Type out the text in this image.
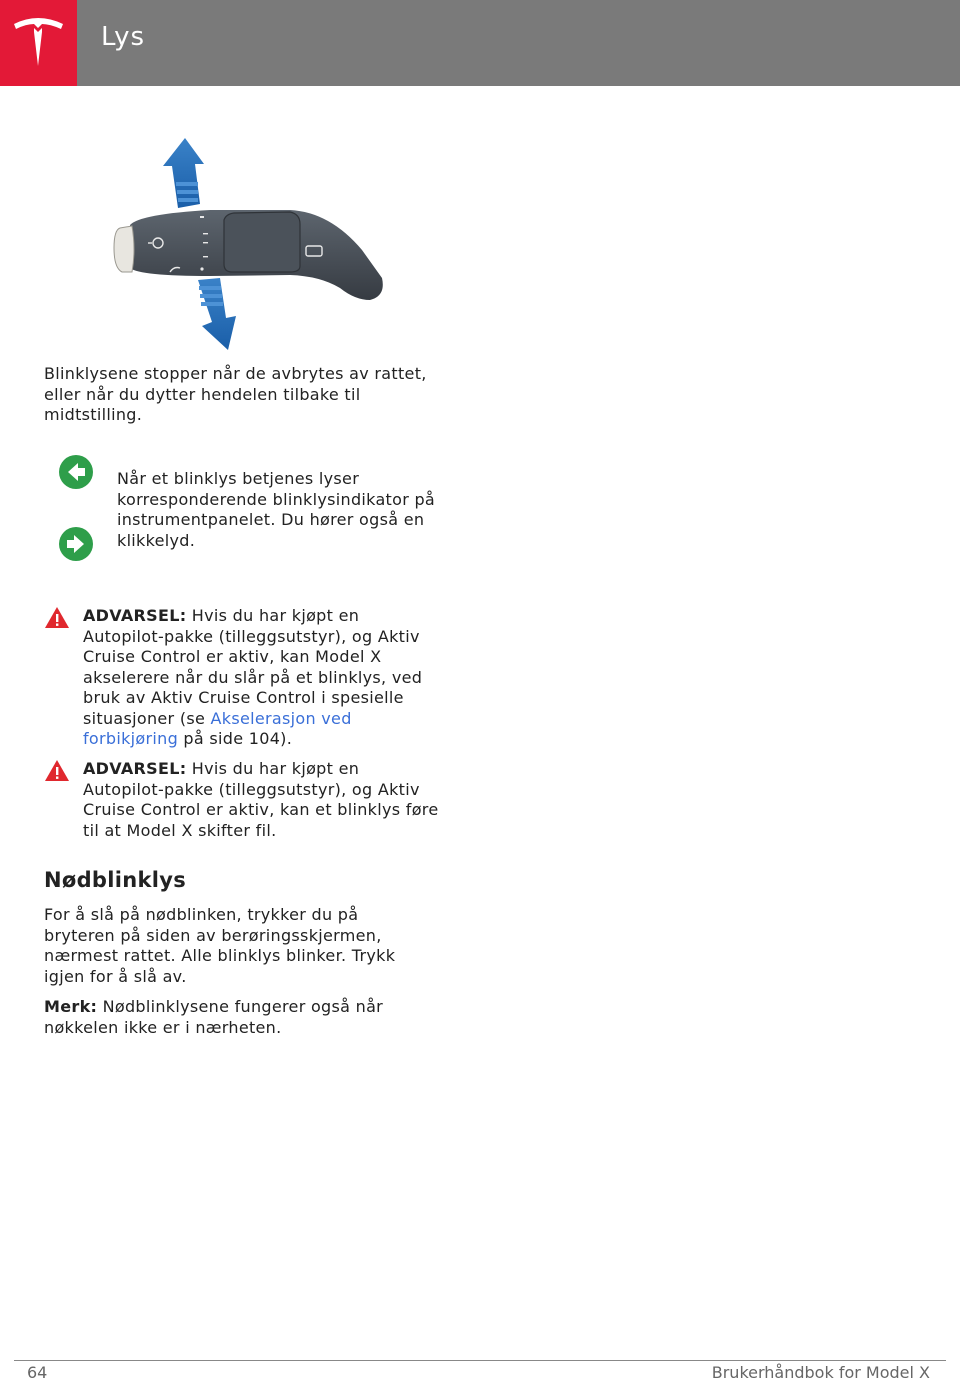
Lys

Blinklysene stopper når de avbrytes av rattet, eller når du dytter hendelen tilbake til midtstilling.

Når et blinklys betjenes lyser korresponderende blinklysindikator på instrumentpanelet. Du hører også en klikkelyd.

ADVARSEL: Hvis du har kjøpt en Autopilot-pakke (tilleggsutstyr), og Aktiv Cruise Control er aktiv, kan Model X akselerere når du slår på et blinklys, ved bruk av Aktiv Cruise Control i spesielle situasjoner (se Akselerasjon ved forbikjøring på side 104).

ADVARSEL: Hvis du har kjøpt en Autopilot-pakke (tilleggsutstyr), og Aktiv Cruise Control er aktiv, kan et blinklys føre til at Model X skifter fil.

Nødblinklys

For å slå på nødblinken, trykker du på bryteren på siden av berøringsskjermen, nærmest rattet. Alle blinklys blinker. Trykk igjen for å slå av.

Merk: Nødblinklysene fungerer også når nøkkelen ikke er i nærheten.

64	Brukerhåndbok for Model X
